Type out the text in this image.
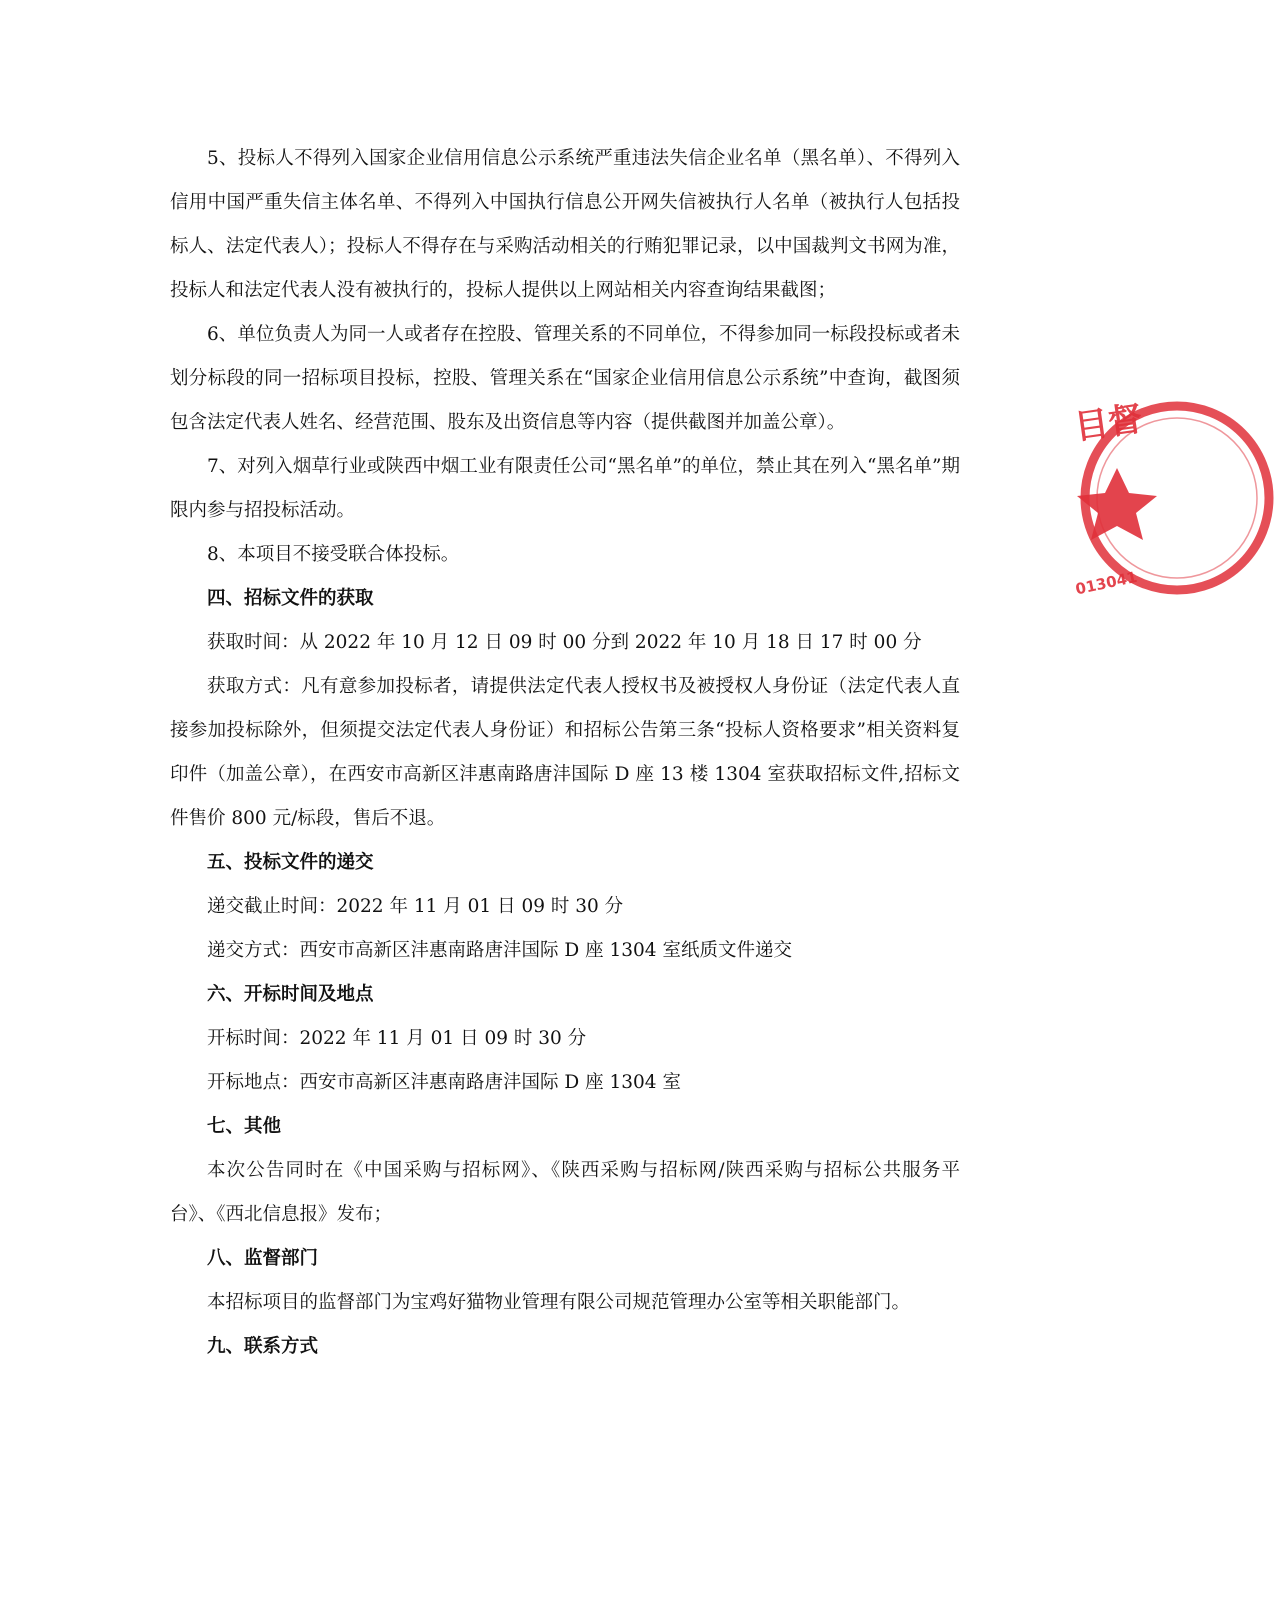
5、投标人不得列入国家企业信用信息公示系统严重违法失信企业名单（黑名单）、不得列入信用中国严重失信主体名单、不得列入中国执行信息公开网失信被执行人名单（被执行人包括投标人、法定代表人）；投标人不得存在与采购活动相关的行贿犯罪记录，以中国裁判文书网为准，投标人和法定代表人没有被执行的，投标人提供以上网站相关内容查询结果截图；

6、单位负责人为同一人或者存在控股、管理关系的不同单位，不得参加同一标段投标或者未划分标段的同一招标项目投标，控股、管理关系在“国家企业信用信息公示系统”中查询，截图须包含法定代表人姓名、经营范围、股东及出资信息等内容（提供截图并加盖公章）。

7、对列入烟草行业或陕西中烟工业有限责任公司“黑名单”的单位，禁止其在列入“黑名单”期限内参与招投标活动。

8、本项目不接受联合体投标。

四、招标文件的获取

获取时间：从 2022 年 10 月 12 日 09 时 00 分到 2022 年 10 月 18 日 17 时 00 分

获取方式：凡有意参加投标者，请提供法定代表人授权书及被授权人身份证（法定代表人直接参加投标除外，但须提交法定代表人身份证）和招标公告第三条“投标人资格要求”相关资料复印件（加盖公章），在西安市高新区沣惠南路唐沣国际 D 座 13 楼 1304 室获取招标文件,招标文件售价 800 元/标段，售后不退。

五、投标文件的递交

递交截止时间：2022 年 11 月 01 日 09 时 30 分

递交方式：西安市高新区沣惠南路唐沣国际 D 座 1304 室纸质文件递交

六、开标时间及地点

开标时间：2022 年 11 月 01 日 09 时 30 分

开标地点：西安市高新区沣惠南路唐沣国际 D 座 1304 室

七、其他

本次公告同时在《中国采购与招标网》、《陕西采购与招标网/陕西采购与招标公共服务平台》、《西北信息报》发布；

八、监督部门

本招标项目的监督部门为宝鸡好猫物业管理有限公司规范管理办公室等相关职能部门。

九、联系方式

目督
013041
